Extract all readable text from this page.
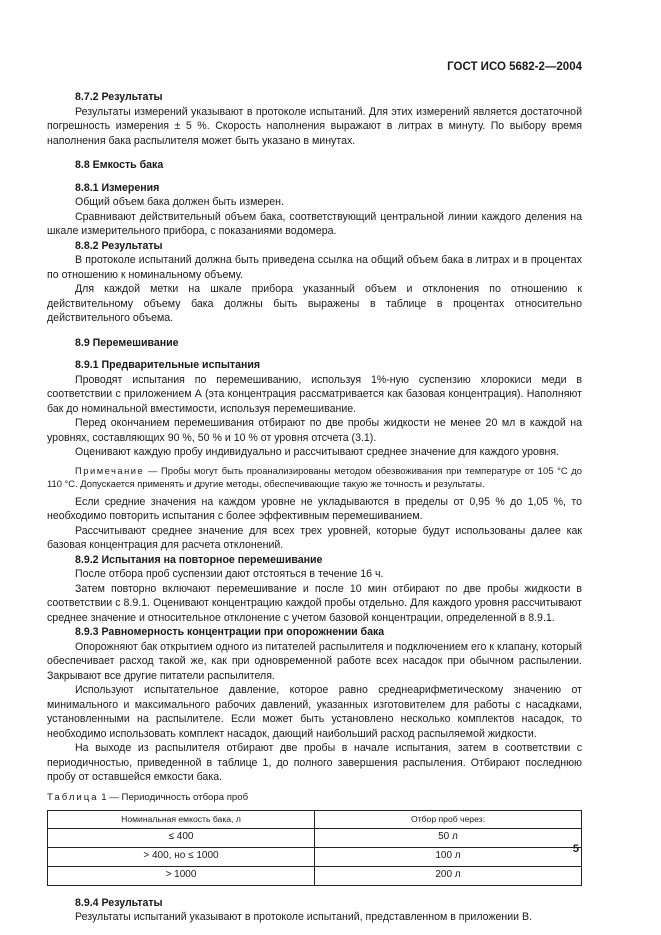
ГОСТ ИСО 5682-2—2004
8.7.2 Результаты
Результаты измерений указывают в протоколе испытаний. Для этих измерений является достаточной погрешность измерения ± 5 %. Скорость наполнения выражают в литрах в минуту. По выбору время наполнения бака распылителя может быть указано в минутах.
8.8 Емкость бака
8.8.1 Измерения
Общий объем бака должен быть измерен.
Сравнивают действительный объем бака, соответствующий центральной линии каждого деления на шкале измерительного прибора, с показаниями водомера.
8.8.2 Результаты
В протоколе испытаний должна быть приведена ссылка на общий объем бака в литрах и в процентах по отношению к номинальному объему.
Для каждой метки на шкале прибора указанный объем и отклонения по отношению к действительному объему бака должны быть выражены в таблице в процентах относительно действительного объема.
8.9 Перемешивание
8.9.1 Предварительные испытания
Проводят испытания по перемешиванию, используя 1%-ную суспензию хлорокиси меди в соответствии с приложением А (эта концентрация рассматривается как базовая концентрация). Наполняют бак до номинальной вместимости, используя перемешивание.
Перед окончанием перемешивания отбирают по две пробы жидкости не менее 20 мл в каждой на уровнях, составляющих 90 %, 50 % и 10 % от уровня отсчета (3.1).
Оценивают каждую пробу индивидуально и рассчитывают среднее значение для каждого уровня.
Примечание — Пробы могут быть проанализированы методом обезвоживания при температуре от 105 °С до 110 °С. Допускается применять и другие методы, обеспечивающие такую же точность и результаты.
Если средние значения на каждом уровне не укладываются в пределы от 0,95 % до 1,05 %, то необходимо повторить испытания с более эффективным перемешиванием.
Рассчитывают среднее значение для всех трех уровней, которые будут использованы далее как базовая концентрация для расчета отклонений.
8.9.2 Испытания на повторное перемешивание
После отбора проб суспензии дают отстояться в течение 16 ч.
Затем повторно включают перемешивание и после 10 мин отбирают по две пробы жидкости в соответствии с 8.9.1. Оценивают концентрацию каждой пробы отдельно. Для каждого уровня рассчитывают среднее значение и относительное отклонение с учетом базовой концентрации, определенной в 8.9.1.
8.9.3 Равномерность концентрации при опорожнении бака
Опорожняют бак открытием одного из питателей распылителя и подключением его к клапану, который обеспечивает расход такой же, как при одновременной работе всех насадок при обычном распылении. Закрывают все другие питатели распылителя.
Используют испытательное давление, которое равно среднеарифметическому значению от минимального и максимального рабочих давлений, указанных изготовителем для работы с насадками, установленными на распылителе. Если может быть установлено несколько комплектов насадок, то необходимо использовать комплект насадок, дающий наибольший расход распыляемой жидкости.
На выходе из распылителя отбирают две пробы в начале испытания, затем в соответствии с периодичностью, приведенной в таблице 1, до полного завершения распыления. Отбирают последнюю пробу от оставшейся емкости бака.
Таблица 1 — Периодичность отбора проб
Номинальная емкость бака, л	Отбор проб через:
≤ 400	50 л
> 400, но ≤ 1000	100 л
> 1000	200 л
8.9.4 Результаты
Результаты испытаний указывают в протоколе испытаний, представленном в приложении В.
5
